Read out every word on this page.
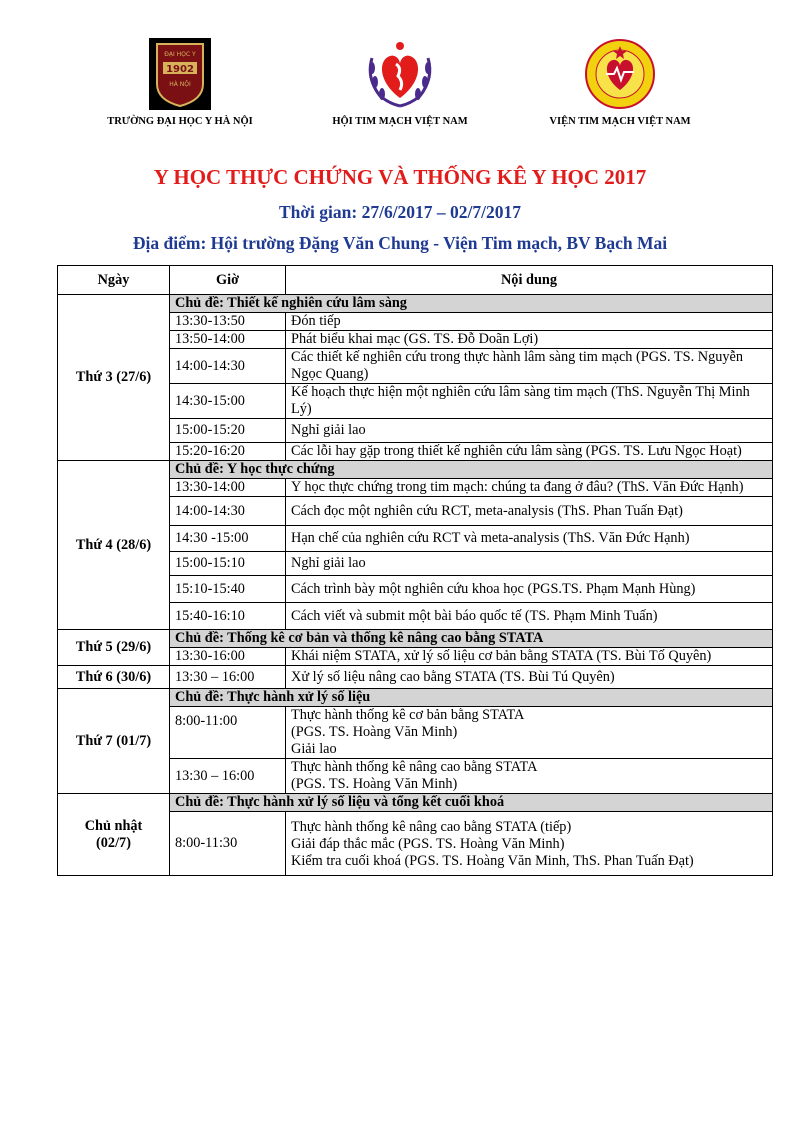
1902
ĐẠI HỌC Y
HÀ NỘI
TRƯỜNG ĐẠI HỌC Y HÀ NỘI	HỘI TIM MẠCH VIỆT NAM	VIỆN TIM MẠCH VIỆT NAM
Y HỌC THỰC CHỨNG VÀ THỐNG KÊ Y HỌC 2017
Thời gian: 27/6/2017 – 02/7/2017
Địa điểm: Hội trường Đặng Văn Chung - Viện Tim mạch, BV Bạch Mai
Ngày	Giờ	Nội dung
Thứ 3 (27/6)	Chủ đề: Thiết kế nghiên cứu lâm sàng	
	13:30-13:50	Đón tiếp
	13:50-14:00	Phát biểu khai mạc (GS. TS. Đỗ Doãn Lợi)
	14:00-14:30	Các thiết kế nghiên cứu trong thực hành lâm sàng tim mạch (PGS. TS. Nguyễn Ngọc Quang)
	14:30-15:00	Kế hoạch thực hiện một nghiên cứu lâm sàng tim mạch (ThS. Nguyễn Thị Minh Lý)
	15:00-15:20	Nghỉ giải lao
	15:20-16:20	Các lỗi hay gặp trong thiết kế nghiên cứu lâm sàng (PGS. TS. Lưu Ngọc Hoạt)
Thứ 4 (28/6)	Chủ đề: Y học thực chứng	
	13:30-14:00	Y học thực chứng trong tim mạch: chúng ta đang ở đâu? (ThS. Văn Đức Hạnh)
	14:00-14:30	Cách đọc một nghiên cứu RCT, meta-analysis (ThS. Phan Tuấn Đạt)
	14:30 -15:00	Hạn chế của nghiên cứu RCT và meta-analysis (ThS. Văn Đức Hạnh)
	15:00-15:10	Nghỉ giải lao
	15:10-15:40	Cách trình bày một nghiên cứu khoa học (PGS.TS. Phạm Mạnh Hùng)
	15:40-16:10	Cách viết và submit một bài báo quốc tế (TS. Phạm Minh Tuấn)
Thứ 5 (29/6)	Chủ đề: Thống kê cơ bản và thống kê nâng cao bằng STATA	
	13:30-16:00	Khái niệm STATA, xử lý số liệu cơ bản bằng STATA (TS. Bùi Tố Quyên)
Thứ 6 (30/6)	13:30 – 16:00	Xử lý số liệu nâng cao bằng STATA (TS. Bùi Tú Quyên)
Thứ 7 (01/7)	Chủ đề: Thực hành xử lý số liệu	
	8:00-11:00	Thực hành thống kê cơ bản bằng STATA
(PGS. TS. Hoàng Văn Minh)
Giải lao

	13:30 – 16:00	Thực hành thống kê nâng cao bằng STATA
(PGS. TS. Hoàng Văn Minh)

Chủ nhật
(02/7)	Chủ đề: Thực hành xử lý số liệu và tổng kết cuối khoá	
	8:00-11:30	Thực hành thống kê nâng cao bằng STATA (tiếp)
Giải đáp thắc mắc (PGS. TS. Hoàng Văn Minh)
Kiểm tra cuối khoá (PGS. TS. Hoàng Văn Minh, ThS. Phan Tuấn Đạt)
